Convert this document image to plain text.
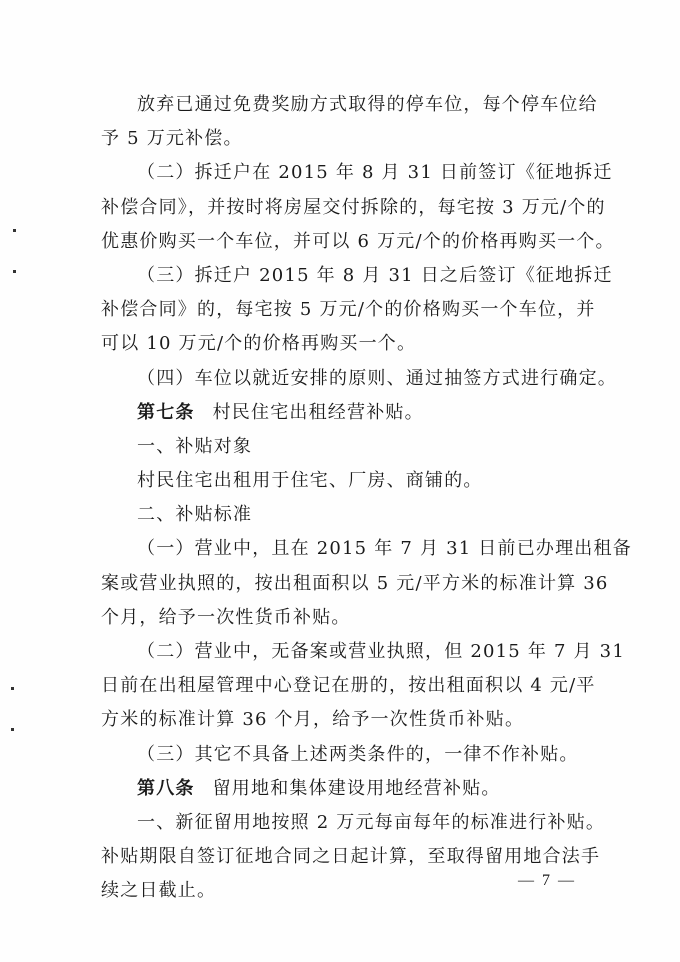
放弃已通过免费奖励方式取得的停车位，每个停车位给
予 5 万元补偿。
（二）拆迁户在 2015 年 8 月 31 日前签订《征地拆迁
补偿合同》，并按时将房屋交付拆除的，每宅按 3 万元/个的
优惠价购买一个车位，并可以 6 万元/个的价格再购买一个。
（三）拆迁户 2015 年 8 月 31 日之后签订《征地拆迁
补偿合同》的，每宅按 5 万元/个的价格购买一个车位，并
可以 10 万元/个的价格再购买一个。
（四）车位以就近安排的原则、通过抽签方式进行确定。
第七条 村民住宅出租经营补贴。
一、补贴对象
村民住宅出租用于住宅、厂房、商铺的。
二、补贴标准
（一）营业中，且在 2015 年 7 月 31 日前已办理出租备
案或营业执照的，按出租面积以 5 元/平方米的标准计算 36
个月，给予一次性货币补贴。
（二）营业中，无备案或营业执照，但 2015 年 7 月 31
日前在出租屋管理中心登记在册的，按出租面积以 4 元/平
方米的标准计算 36 个月，给予一次性货币补贴。
（三）其它不具备上述两类条件的，一律不作补贴。
第八条 留用地和集体建设用地经营补贴。
一、新征留用地按照 2 万元每亩每年的标准进行补贴。
补贴期限自签订征地合同之日起计算，至取得留用地合法手
续之日截止。	— 7 —
